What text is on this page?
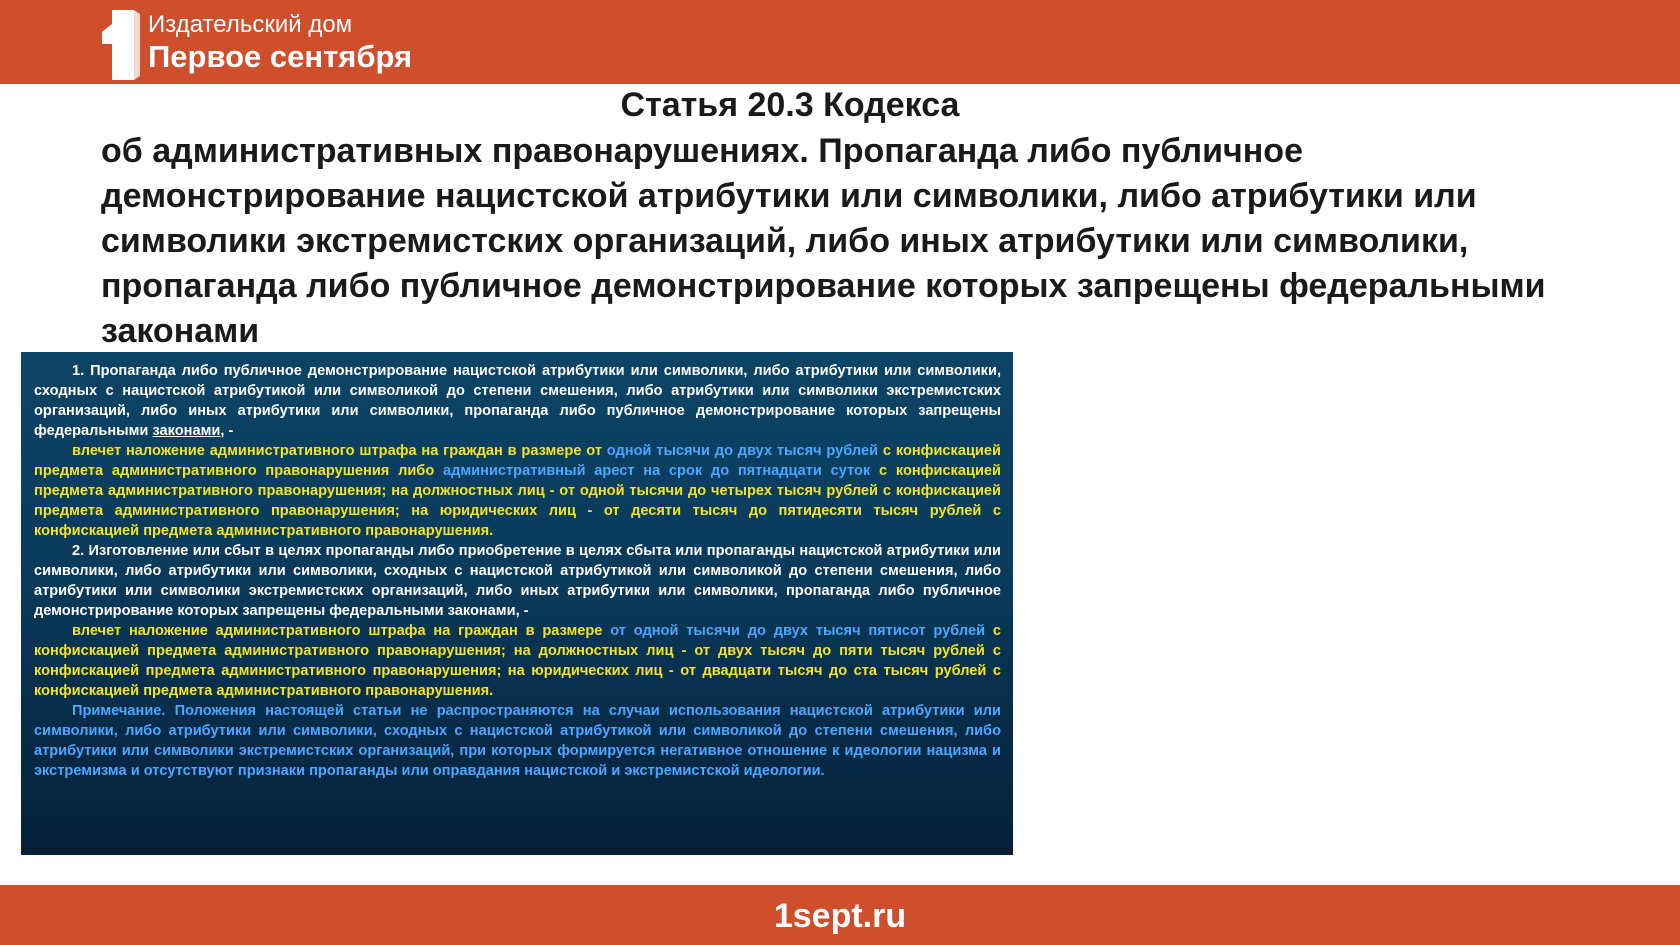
Издательский дом
Первое сентября
Статья 20.3 Кодекса
об административных правонарушениях. Пропаганда либо публичное демонстрирование нацистской атрибутики или символики, либо атрибутики или символики экстремистских организаций, либо иных атрибутики или символики, пропаганда либо публичное демонстрирование которых запрещены федеральными законами

1. Пропаганда либо публичное демонстрирование нацистской атрибутики или символики, либо атрибутики или символики, сходных с нацистской атрибутикой или символикой до степени смешения, либо атрибутики или символики экстремистских организаций, либо иных атрибутики или символики, пропаганда либо публичное демонстрирование которых запрещены федеральными законами, -

влечет наложение административного штрафа на граждан в размере от одной тысячи до двух тысяч рублей с конфискацией предмета административного правонарушения либо административный арест на срок до пятнадцати суток с конфискацией предмета административного правонарушения; на должностных лиц - от одной тысячи до четырех тысяч рублей с конфискацией предмета административного правонарушения; на юридических лиц - от десяти тысяч до пятидесяти тысяч рублей с конфискацией предмета административного правонарушения.

2. Изготовление или сбыт в целях пропаганды либо приобретение в целях сбыта или пропаганды нацистской атрибутики или символики, либо атрибутики или символики, сходных с нацистской атрибутикой или символикой до степени смешения, либо атрибутики или символики экстремистских организаций, либо иных атрибутики или символики, пропаганда либо публичное демонстрирование которых запрещены федеральными законами, -

влечет наложение административного штрафа на граждан в размере от одной тысячи до двух тысяч пятисот рублей с конфискацией предмета административного правонарушения; на должностных лиц - от двух тысяч до пяти тысяч рублей с конфискацией предмета административного правонарушения; на юридических лиц - от двадцати тысяч до ста тысяч рублей с конфискацией предмета административного правонарушения.

Примечание. Положения настоящей статьи не распространяются на случаи использования нацистской атрибутики или символики, либо атрибутики или символики, сходных с нацистской атрибутикой или символикой до степени смешения, либо атрибутики или символики экстремистских организаций, при которых формируется негативное отношение к идеологии нацизма и экстремизма и отсутствуют признаки пропаганды или оправдания нацистской и экстремистской идеологии.

1sept.ru
